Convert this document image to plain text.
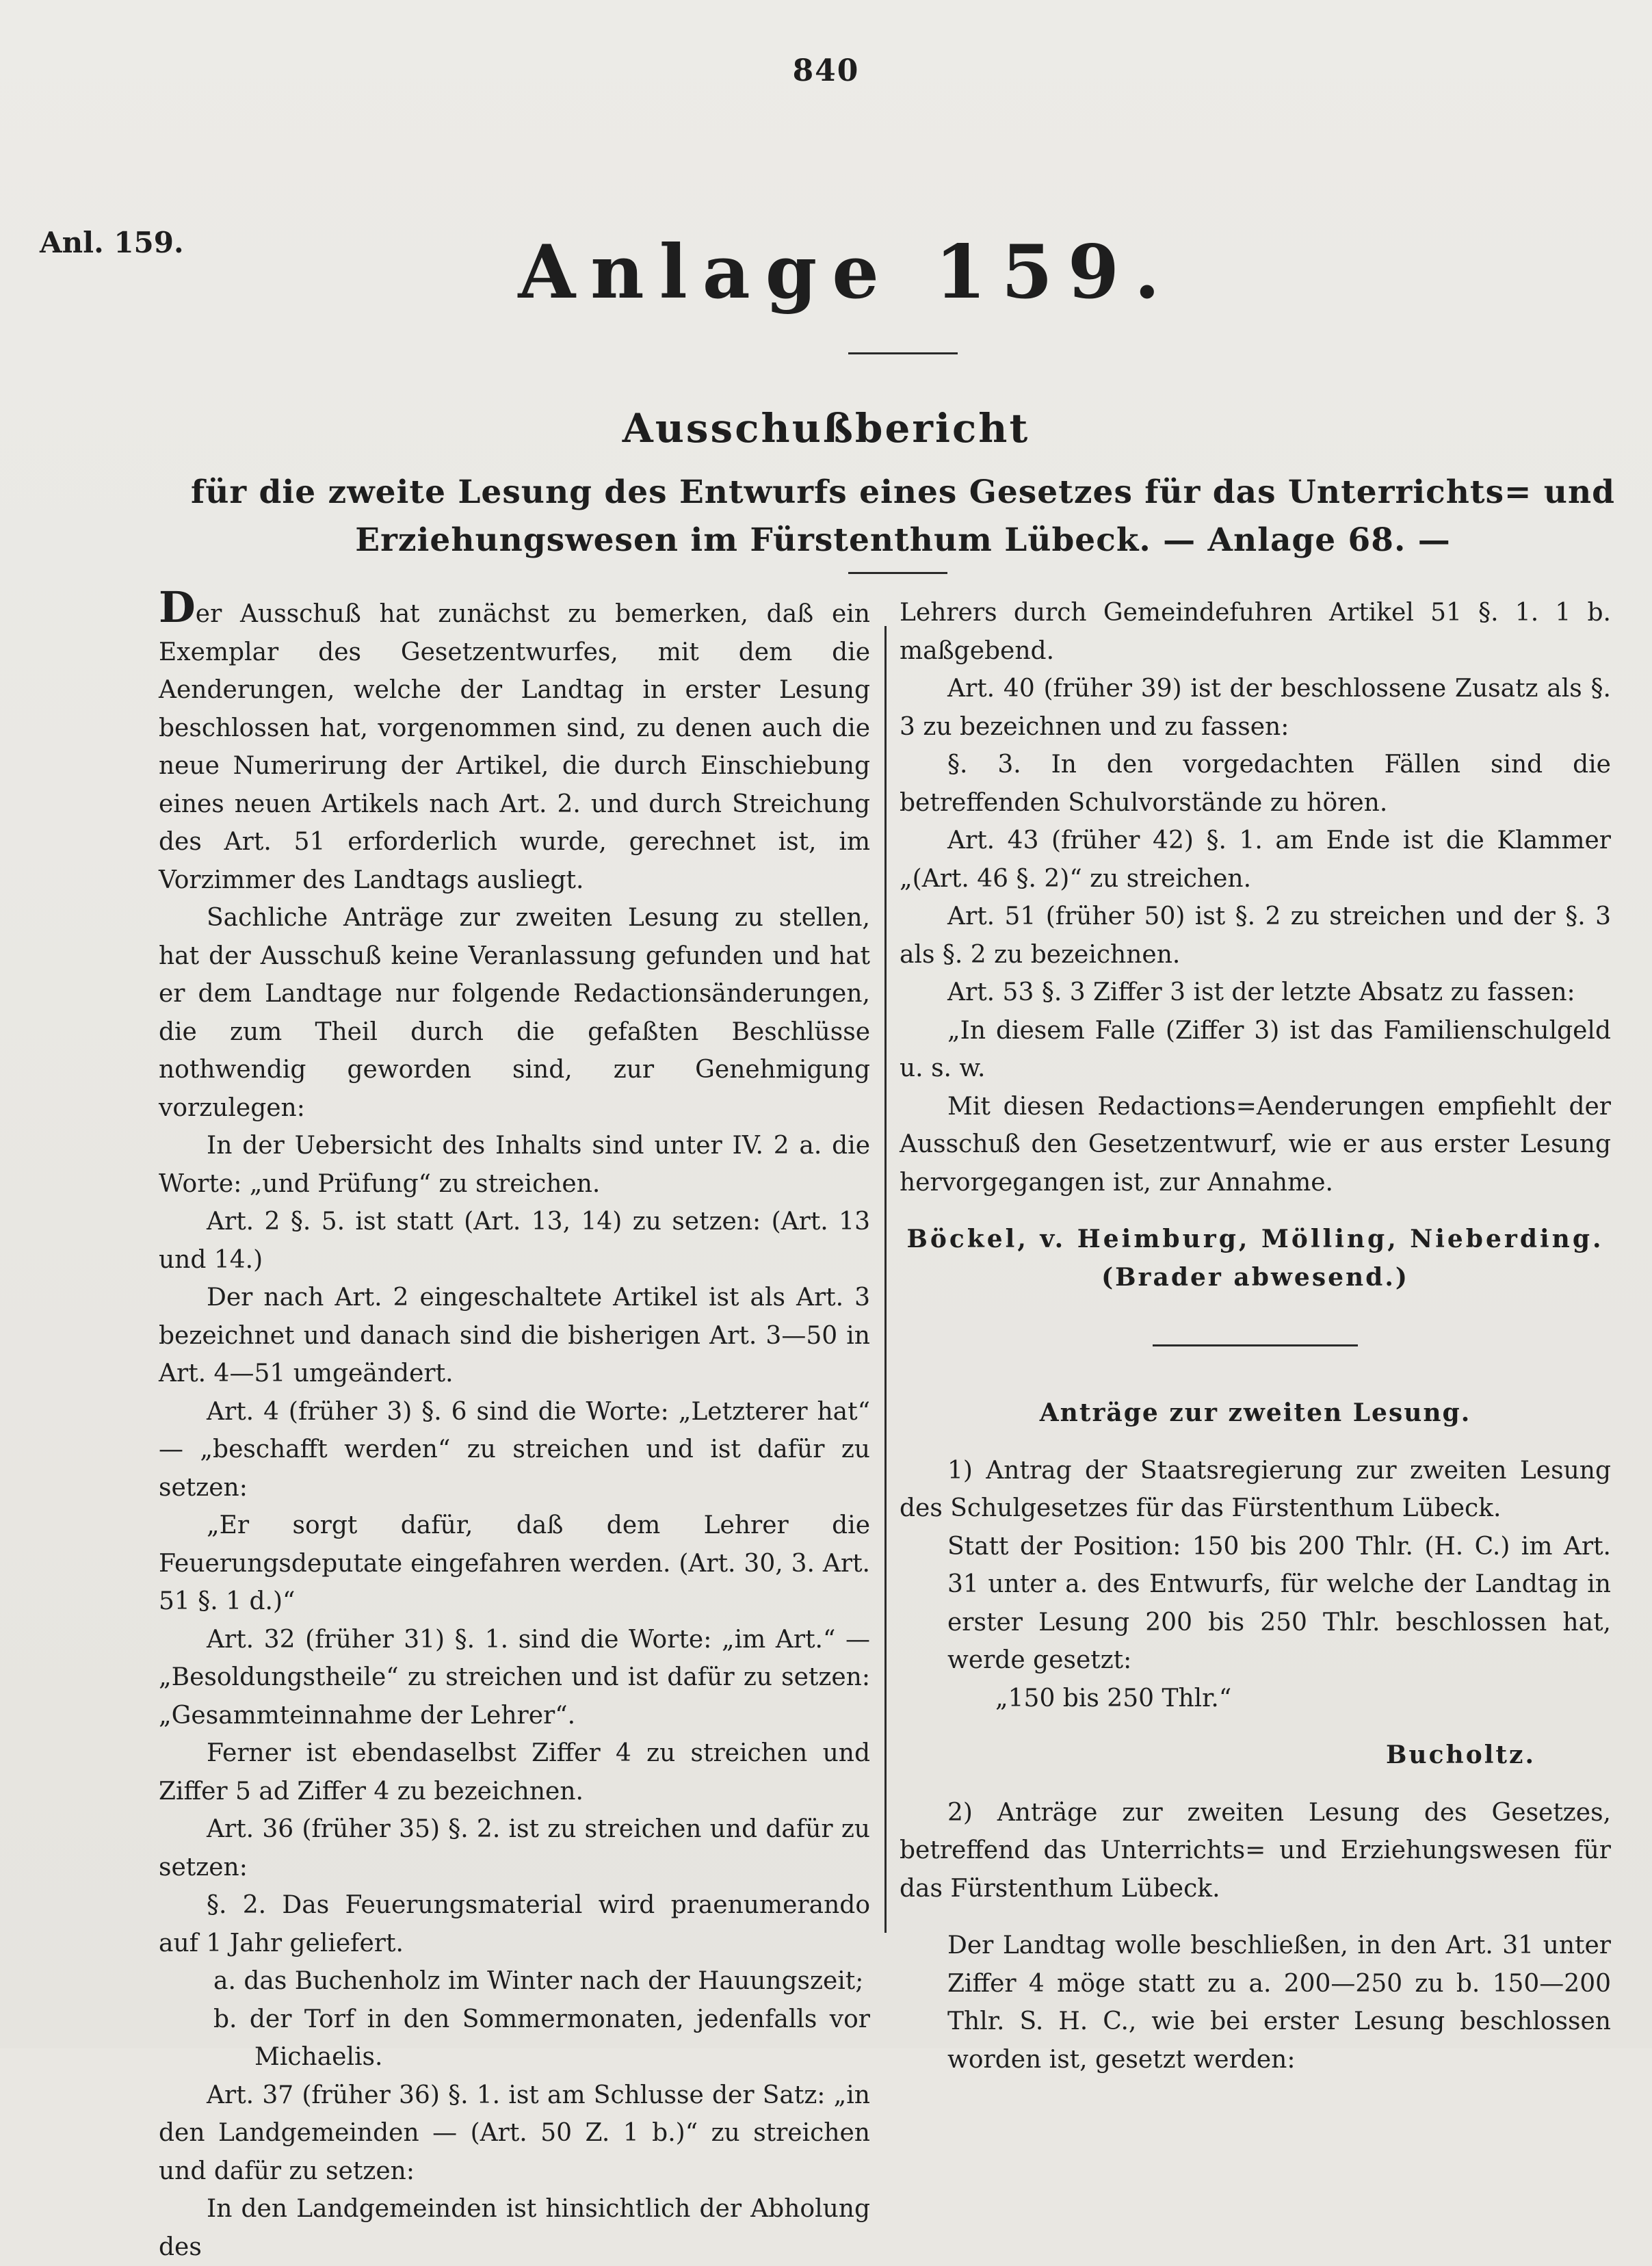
840
Anl. 159.	Anlage 159.
Ausschußbericht
für die zweite Lesung des Entwurfs eines Gesetzes für das Unterrichts= und Erziehungswesen im Fürstenthum Lübeck. — Anlage 68. —

Der Ausschuß hat zunächst zu bemerken, daß ein Exemplar des Gesetzentwurfes, mit dem die Aenderungen, welche der Landtag in erster Lesung beschlossen hat, vorgenommen sind, zu denen auch die neue Numerirung der Artikel, die durch Einschiebung eines neuen Artikels nach Art. 2. und durch Streichung des Art. 51 erforderlich wurde, gerechnet ist, im Vorzimmer des Landtags ausliegt.

Sachliche Anträge zur zweiten Lesung zu stellen, hat der Ausschuß keine Veranlassung gefunden und hat er dem Landtage nur folgende Redactionsänderungen, die zum Theil durch die gefaßten Beschlüsse nothwendig geworden sind, zur Genehmigung vorzulegen:

In der Uebersicht des Inhalts sind unter IV. 2 a. die Worte: „und Prüfung“ zu streichen.

Art. 2 §. 5. ist statt (Art. 13, 14) zu setzen: (Art. 13 und 14.)

Der nach Art. 2 eingeschaltete Artikel ist als Art. 3 bezeichnet und danach sind die bisherigen Art. 3—50 in Art. 4—51 umgeändert.

Art. 4 (früher 3) §. 6 sind die Worte: „Letzterer hat“ — „beschafft werden“ zu streichen und ist dafür zu setzen:

„Er sorgt dafür, daß dem Lehrer die Feuerungsdeputate eingefahren werden. (Art. 30, 3. Art. 51 §. 1 d.)“

Art. 32 (früher 31) §. 1. sind die Worte: „im Art.“ — „Besoldungstheile“ zu streichen und ist dafür zu setzen: „Gesammteinnahme der Lehrer“.

Ferner ist ebendaselbst Ziffer 4 zu streichen und Ziffer 5 ad Ziffer 4 zu bezeichnen.

Art. 36 (früher 35) §. 2. ist zu streichen und dafür zu setzen:

§. 2. Das Feuerungsmaterial wird praenumerando auf 1 Jahr geliefert.

a. das Buchenholz im Winter nach der Hauungszeit;

b. der Torf in den Sommermonaten, jedenfalls vor Michaelis.

Art. 37 (früher 36) §. 1. ist am Schlusse der Satz: „in den Landgemeinden — (Art. 50 Z. 1 b.)“ zu streichen und dafür zu setzen:

In den Landgemeinden ist hinsichtlich der Abholung des

Lehrers durch Gemeindefuhren Artikel 51 §. 1. 1 b. maßgebend.

Art. 40 (früher 39) ist der beschlossene Zusatz als §. 3 zu bezeichnen und zu fassen:

§. 3. In den vorgedachten Fällen sind die betreffenden Schulvorstände zu hören.

Art. 43 (früher 42) §. 1. am Ende ist die Klammer „(Art. 46 §. 2)“ zu streichen.

Art. 51 (früher 50) ist §. 2 zu streichen und der §. 3 als §. 2 zu bezeichnen.

Art. 53 §. 3 Ziffer 3 ist der letzte Absatz zu fassen:

„In diesem Falle (Ziffer 3) ist das Familienschulgeld u. s. w.

Mit diesen Redactions=Aenderungen empfiehlt der Ausschuß den Gesetzentwurf, wie er aus erster Lesung hervorgegangen ist, zur Annahme.

Böckel, v. Heimburg, Mölling, Nieberding.

(Brader abwesend.)

Anträge zur zweiten Lesung.

1) Antrag der Staatsregierung zur zweiten Lesung des Schulgesetzes für das Fürstenthum Lübeck.

Statt der Position: 150 bis 200 Thlr. (H. C.) im Art. 31 unter a. des Entwurfs, für welche der Landtag in erster Lesung 200 bis 250 Thlr. beschlossen hat, werde gesetzt:

„150 bis 250 Thlr.“

Bucholtz.

2) Anträge zur zweiten Lesung des Gesetzes, betreffend das Unterrichts= und Erziehungswesen für das Fürstenthum Lübeck.

Der Landtag wolle beschließen, in den Art. 31 unter Ziffer 4 möge statt zu a. 200—250 zu b. 150—200 Thlr. S. H. C., wie bei erster Lesung beschlossen worden ist, gesetzt werden:
